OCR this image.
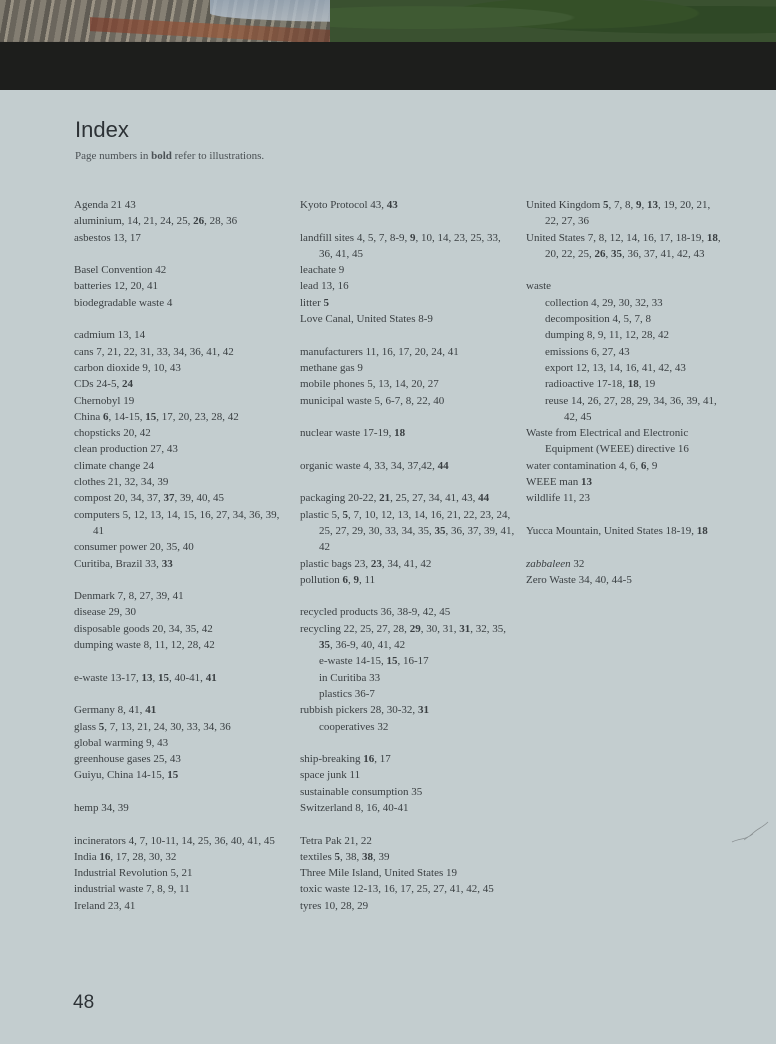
Index

Page numbers in bold refer to illustrations.

Agenda 21 43
aluminium, 14, 21, 24, 25, 26, 28, 36
asbestos 13, 17
Basel Convention 42
batteries 12, 20, 41
biodegradable waste 4
cadmium 13, 14
cans 7, 21, 22, 31, 33, 34, 36, 41, 42
carbon dioxide 9, 10, 43
CDs 24-5, 24
Chernobyl 19
China 6, 14-15, 15, 17, 20, 23, 28, 42
chopsticks 20, 42
clean production 27, 43
climate change 24
clothes 21, 32, 34, 39
compost 20, 34, 37, 37, 39, 40, 45
computers 5, 12, 13, 14, 15, 16, 27, 34, 36, 39, 41
consumer power 20, 35, 40
Curitiba, Brazil 33, 33
Denmark 7, 8, 27, 39, 41
disease 29, 30
disposable goods 20, 34, 35, 42
dumping waste 8, 11, 12, 28, 42
e-waste 13-17, 13, 15, 40-41, 41
Germany 8, 41, 41
glass 5, 7, 13, 21, 24, 30, 33, 34, 36
global warming 9, 43
greenhouse gases 25, 43
Guiyu, China 14-15, 15
hemp 34, 39
incinerators 4, 7, 10-11, 14, 25, 36, 40, 41, 45
India 16, 17, 28, 30, 32
Industrial Revolution 5, 21
industrial waste 7, 8, 9, 11
Ireland 23, 41
Kyoto Protocol 43, 43
landfill sites 4, 5, 7, 8-9, 9, 10, 14, 23, 25, 33, 36, 41, 45
leachate 9
lead 13, 16
litter 5
Love Canal, United States 8-9
manufacturers 11, 16, 17, 20, 24, 41
methane gas 9
mobile phones 5, 13, 14, 20, 27
municipal waste 5, 6-7, 8, 22, 40
nuclear waste 17-19, 18
organic waste 4, 33, 34, 37,42, 44
packaging 20-22, 21, 25, 27, 34, 41, 43, 44
plastic 5, 5, 7, 10, 12, 13, 14, 16, 21, 22, 23, 24, 25, 27, 29, 30, 33, 34, 35, 35, 36, 37, 39, 41, 42
plastic bags 23, 23, 34, 41, 42
pollution 6, 9, 11
recycled products 36, 38-9, 42, 45
recycling 22, 25, 27, 28, 29, 30, 31, 31, 32, 35, 35, 36-9, 40, 41, 42
e-waste 14-15, 15, 16-17
in Curitiba 33
plastics 36-7
rubbish pickers 28, 30-32, 31
cooperatives 32
ship-breaking 16, 17
space junk 11
sustainable consumption 35
Switzerland 8, 16, 40-41
Tetra Pak 21, 22
textiles 5, 38, 38, 39
Three Mile Island, United States 19
toxic waste 12-13, 16, 17, 25, 27, 41, 42, 45
tyres 10, 28, 29
United Kingdom 5, 7, 8, 9, 13, 19, 20, 21, 22, 27, 36
United States 7, 8, 12, 14, 16, 17, 18-19, 18, 20, 22, 25, 26, 35, 36, 37, 41, 42, 43
waste
collection 4, 29, 30, 32, 33
decomposition 4, 5, 7, 8
dumping 8, 9, 11, 12, 28, 42
emissions 6, 27, 43
export 12, 13, 14, 16, 41, 42, 43
radioactive 17-18, 18, 19
reuse 14, 26, 27, 28, 29, 34, 36, 39, 41, 42, 45
Waste from Electrical and Electronic Equipment (WEEE) directive 16
water contamination 4, 6, 6, 9
WEEE man 13
wildlife 11, 23
Yucca Mountain, United States 18-19, 18
zabbaleen 32
Zero Waste 34, 40, 44-5
48
